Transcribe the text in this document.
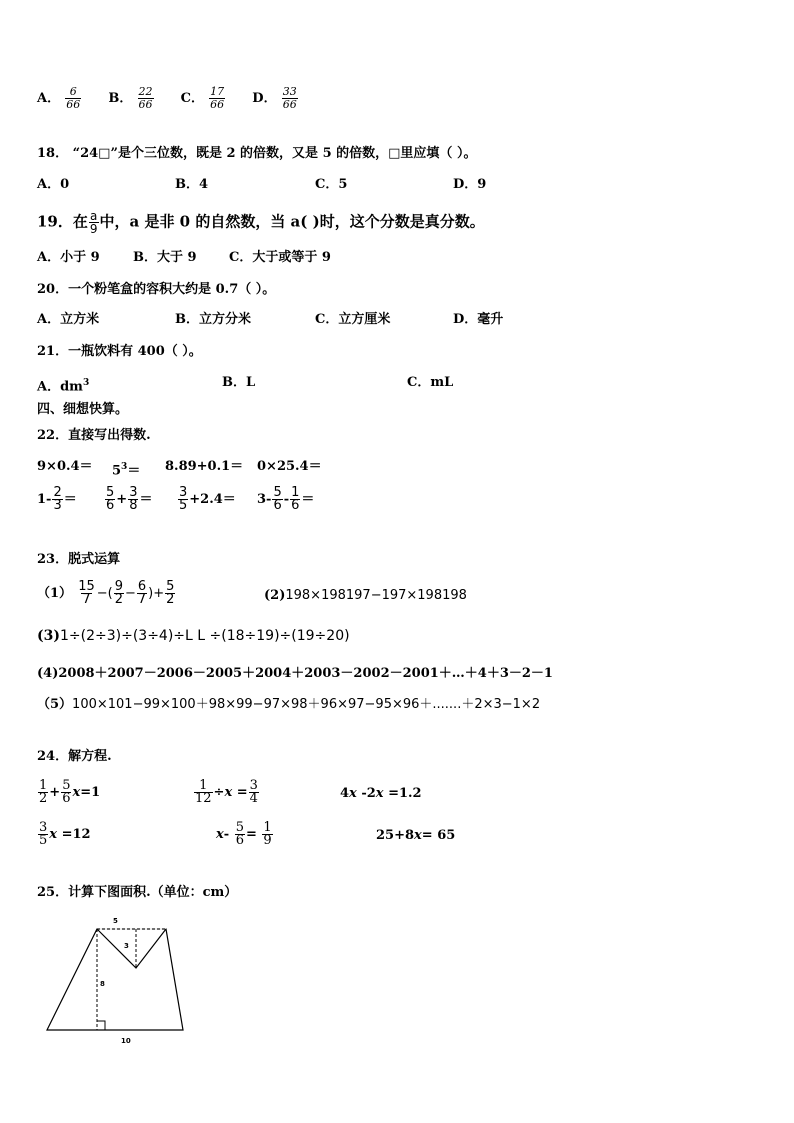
A． $\frac{6}{66}$ B． $\frac{22}{66}$ C． $\frac{17}{66}$ D． $\frac{33}{66}$
18． “24□”是个三位数，既是 2 的倍数，又是 5 的倍数，□里应填（ ）。
A．0	B．4	C．5	D．9
19．在 $\frac{a}{9}$ 中，a 是非 0 的自然数，当 a( )时，这个分数是真分数。
A．小于 9	B．大于 9 C．大于或等于 9
20．一个粉笔盒的容积大约是 0.7（ ）。
A．立方米	B．立方分米	C．立方厘米	D．毫升
21．一瓶饮料有 400（ ）。
A．$dm^3$	B．L	C．mL
四、细想快算。
22．直接写出得数.
$9\times 0.4= 5^3= 8.89+0.1= 0\times 25.4=$
$1- \frac{2}{3} = \frac{5}{6} + \frac{3}{8} = \frac{3}{5} +2.4= 3- \frac{5}{6} - \frac{1}{6}$ ＝
23．脱式运算
$(1) \frac{15}{7}$ −( $\frac{9}{2} - \frac{6}{7}$ )+ $\frac{5}{2}$	(2)198×198197−197×198198
(3)1÷(2÷3)÷(3÷4)÷L L ÷(18÷19)÷(19÷20)
(4)2008＋2007－2006－2005＋2004＋2003－2002－2001＋…＋4＋3－2－1
（5）100×101−99×100＋98×99−97×98＋96×97−95×96＋.......＋2×3−1×2
24．解方程.
$\frac{1}{2} + \frac{5}{6} x=1$	$\frac{1}{12} \div x = \frac{3}{4}$	4x -2x =1.2
$\frac{3}{5}$ x =12	$x- \frac{5}{6} = \frac{1}{9}$	25+8x= 65
25．计算下图面积.（单位：cm）
5
3
8
10
